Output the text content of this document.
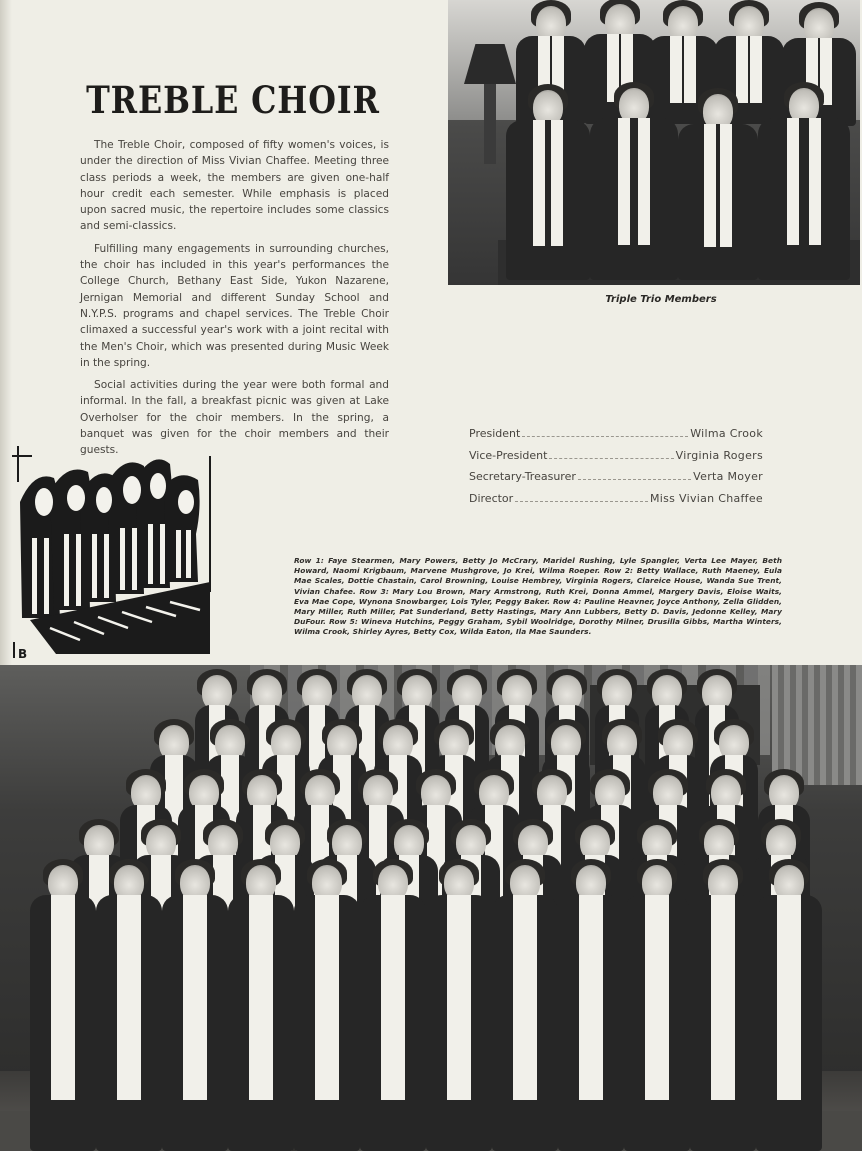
TREBLE CHOIR

The Treble Choir, composed of fifty women's voices, is under the direction of Miss Vivian Chaffee. Meeting three class periods a week, the members are given one-half hour credit each semester. While emphasis is placed upon sacred music, the repertoire includes some classics and semi-classics.

Fulfilling many engagements in surrounding churches, the choir has included in this year's performances the College Church, Bethany East Side, Yukon Nazarene, Jernigan Memorial and different Sunday School and N.Y.P.S. programs and chapel services. The Treble Choir climaxed a successful year's work with a joint recital with the Men's Choir, which was presented during Music Week in the spring.

Social activities during the year were both formal and informal. In the fall, a breakfast picnic was given at Lake Overholser for the choir members. In the spring, a banquet was given for the choir members and their guests.

Triple Trio Members
President	Wilma Crook
Vice-President	Virginia Rogers
Secretary-Treasurer	Verta Moyer
Director	Miss Vivian Chaffee
B
Row 1: Faye Stearmen, Mary Powers, Betty Jo McCrary, Maridel Rushing, Lyle Spangler, Verta Lee Mayer, Beth Howard, Naomi Krigbaum, Marvene Mushgrove, Jo Krei, Wilma Roeper. Row 2: Betty Wallace, Ruth Maeney, Eula Mae Scales, Dottie Chastain, Carol Browning, Louise Hembrey, Virginia Rogers, Clareice House, Wanda Sue Trent, Vivian Chafee. Row 3: Mary Lou Brown, Mary Armstrong, Ruth Krei, Donna Ammel, Margery Davis, Eloise Waits, Eva Mae Cope, Wynona Snowbarger, Lois Tyler, Peggy Baker. Row 4: Pauline Heavner, Joyce Anthony, Zella Glidden, Mary Miller, Ruth Miller, Pat Sunderland, Betty Hastings, Mary Ann Lubbers, Betty D. Davis, Jedonne Kelley, Mary DuFour. Row 5: Wineva Hutchins, Peggy Graham, Sybil Woolridge, Dorothy Milner, Drusilla Gibbs, Martha Winters, Wilma Crook, Shirley Ayres, Betty Cox, Wilda Eaton, Ila Mae Saunders.
